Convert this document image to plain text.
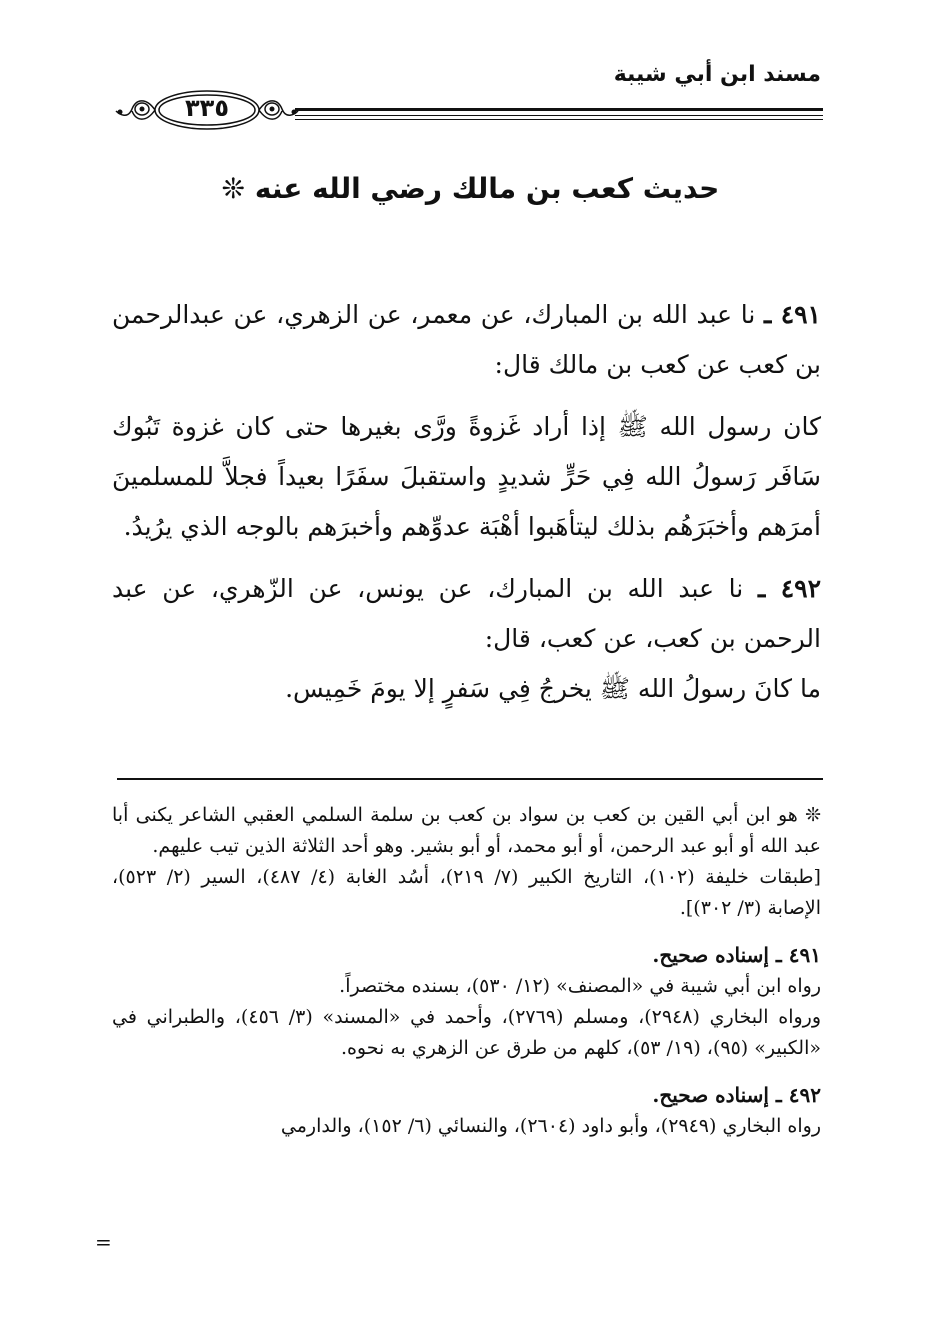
مسند ابن أبي شيبة
٣٣٥
حديث كعب بن مالك رضي الله عنه ❊

٤٩١ ـ نا عبد الله بن المبارك، عن معمر، عن الزهري، عن عبدالرحمن بن كعب عن كعب بن مالك قال:

كان رسول الله ﷺ إذا أراد غَزوةً ورَّى بغيرها حتى كان غزوة تَبُوك سَافَر رَسولُ الله فِي حَرٍّ شديدٍ واستقبلَ سفَرًا بعيداً فجلاَّ للمسلمينَ أمرَهم وأخبَرَهُم بذلك ليتأهَبوا أهْبَة عدوِّهم وأخبرَهم بالوجه الذي يرُيدُ.

٤٩٢ ـ نا عبد الله بن المبارك، عن يونس، عن الزّهري، عن عبد الرحمن بن كعب، عن كعب، قال:

ما كانَ رسولُ الله ﷺ يخرجُ فِي سَفرٍ إلا يومَ خَمِيس.

❊ هو ابن أبي القين بن كعب بن سواد بن كعب بن سلمة السلمي العقبي الشاعر يكنى أبا عبد الله أو أبو عبد الرحمن، أو أبو محمد، أو أبو بشير. وهو أحد الثلاثة الذين تيب عليهم.

[طبقات خليفة (١٠٢)، التاريخ الكبير (٧/ ٢١٩)، أسُد الغابة (٤/ ٤٨٧)، السير (٢/ ٥٢٣)، الإصابة (٣/ ٣٠٢)].

٤٩١ ـ إسناده صحيح.

رواه ابن أبي شيبة في «المصنف» (١٢/ ٥٣٠)، بسنده مختصراً.

ورواه البخاري (٢٩٤٨)، ومسلم (٢٧٦٩)، وأحمد في «المسند» (٣/ ٤٥٦)، والطبراني في «الكبير» (٩٥)، (١٩/ ٥٣)، كلهم من طرق عن الزهري به نحوه.

٤٩٢ ـ إسناده صحيح.

رواه البخاري (٢٩٤٩)، وأبو داود (٢٦٠٤)، والنسائي (٦/ ١٥٢)، والدارمي

=
